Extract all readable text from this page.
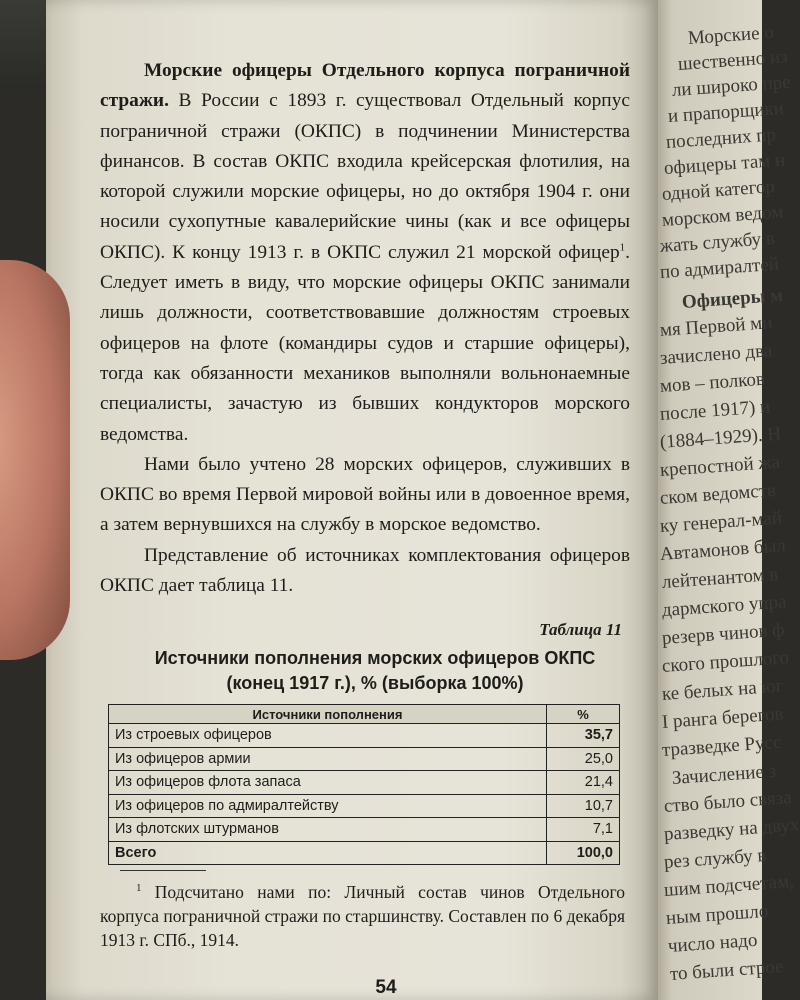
Морские о
шественно из
ли широко пре
и прапорщики
последних пр
офицеры там н
одной категор
морском ведом
жать службу в
по адмиралтей
Офицеры м
мя Первой ми
зачислено два
мов – полков
после 1917) и
(1884–1929). Н
крепостной жа
ском ведомств
ку генерал-май
Автамонов был
лейтенантом в
дармского упра
резерв чинов ф
ского прошлого
ке белых на юг
I ранга берегов
тразведке Русс
Зачисление з
ство было связа
разведку на двух
рез службу в
шим подсчетам,
ным прошло
число надо
то были строе

Морские офицеры Отдельного корпуса пограничной стражи. В России с 1893 г. существовал Отдельный корпус пограничной стражи (ОКПС) в подчинении Министерства финансов. В состав ОКПС входила крейсерская флотилия, на которой служили морские офицеры, но до октября 1904 г. они носили сухопутные кавалерийские чины (как и все офицеры ОКПС). К концу 1913 г. в ОКПС служил 21 морской офицер$^1$. Следует иметь в виду, что морские офицеры ОКПС занимали лишь должности, соответствовавшие должностям строевых офицеров на флоте (командиры судов и старшие офицеры), тогда как обязанности механиков выполняли вольнонаемные специалисты, зачастую из бывших кондукторов морского ведомства.

Нами было учтено 28 морских офицеров, служивших в ОКПС во время Первой мировой войны или в довоенное время, а затем вернувшихся на службу в морское ведомство.

Представление об источниках комплектования офицеров ОКПС дает таблица 11.

Таблица 11
Источники пополнения морских офицеров ОКПС
(конец 1917 г.), % (выборка 100%)
Источники пополнения	%
Из строевых офицеров	35,7
Из офицеров армии	25,0
Из офицеров флота запаса	21,4
Из офицеров по адмиралтейству	10,7
Из флотских штурманов	7,1
Всего	100,0
$^1$ Подсчитано нами по: Личный состав чинов Отдельного корпуса пограничной стражи по старшинству. Составлен по 6 декабря 1913 г. СПб., 1914.
54
